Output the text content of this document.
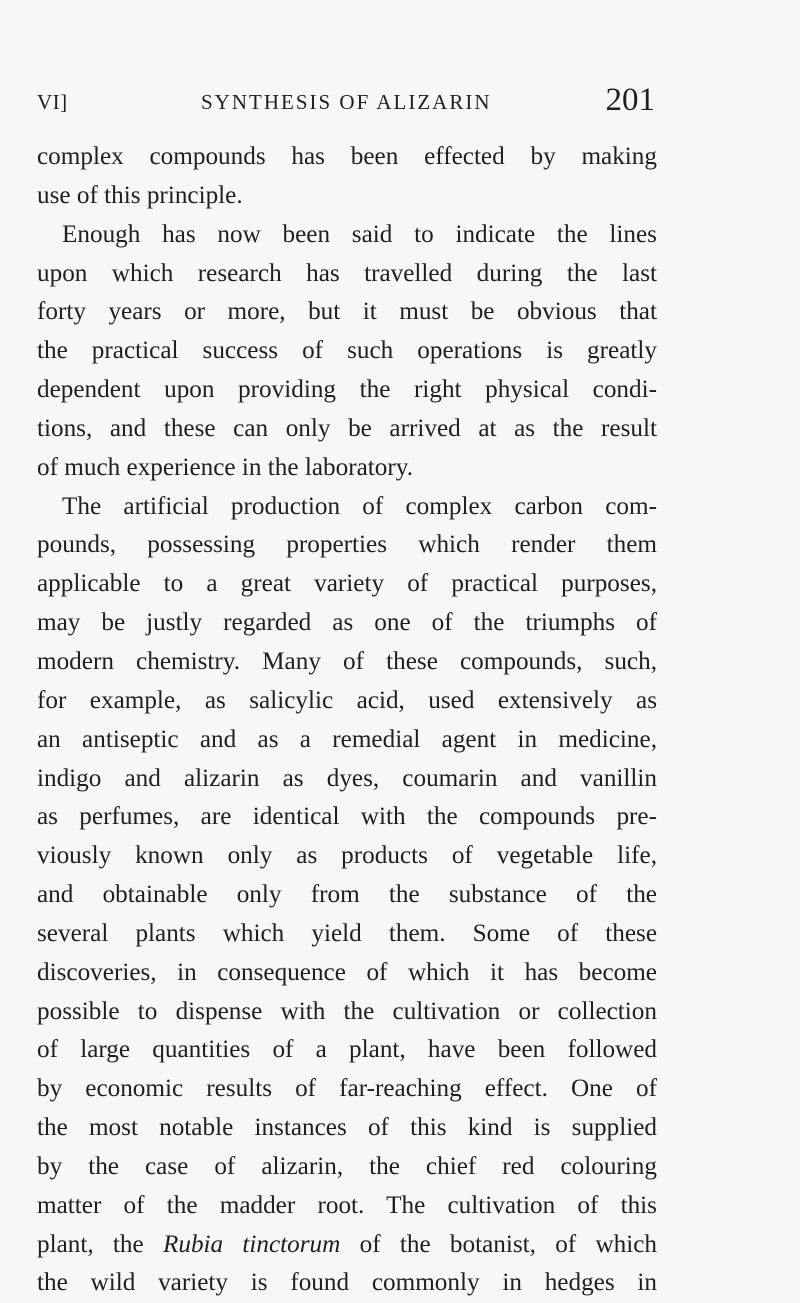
VI]	SYNTHESIS OF ALIZARIN	201
complex compounds has been effected by making
use of this principle.
Enough has now been said to indicate the lines
upon which research has travelled during the last
forty years or more, but it must be obvious that
the practical success of such operations is greatly
dependent upon providing the right physical condi-
tions, and these can only be arrived at as the result
of much experience in the laboratory.
The artificial production of complex carbon com-
pounds, possessing properties which render them
applicable to a great variety of practical purposes,
may be justly regarded as one of the triumphs of
modern chemistry. Many of these compounds, such,
for example, as salicylic acid, used extensively as
an antiseptic and as a remedial agent in medicine,
indigo and alizarin as dyes, coumarin and vanillin
as perfumes, are identical with the compounds pre-
viously known only as products of vegetable life,
and obtainable only from the substance of the
several plants which yield them. Some of these
discoveries, in consequence of which it has become
possible to dispense with the cultivation or collection
of large quantities of a plant, have been followed
by economic results of far-reaching effect. One of
the most notable instances of this kind is supplied
by the case of alizarin, the chief red colouring
matter of the madder root. The cultivation of this
plant, the Rubia tinctorum of the botanist, of which
the wild variety is found commonly in hedges in
